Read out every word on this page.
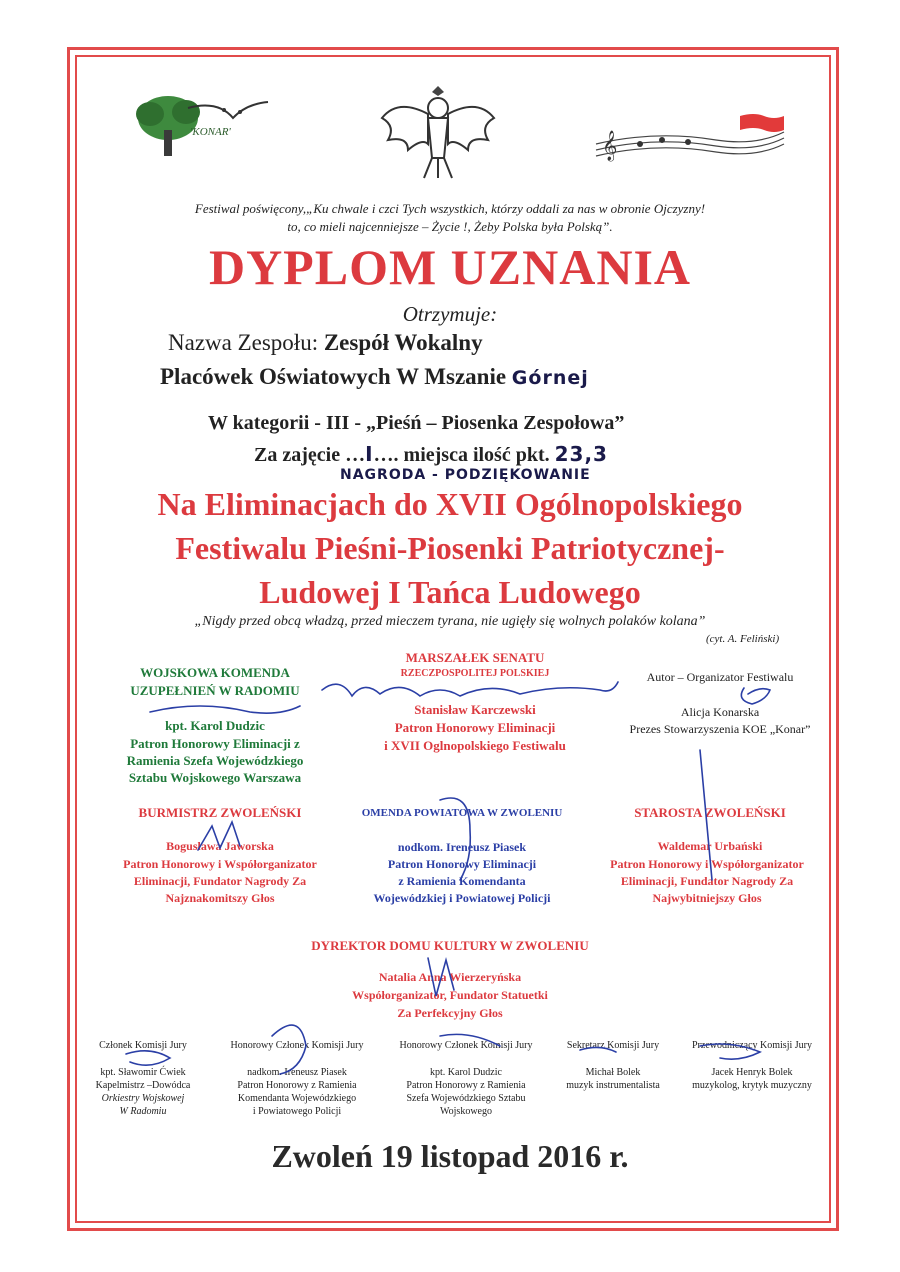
'KONAR'	𝄞
Festiwal poświęcony,„Ku chwale i czci Tych wszystkich, którzy oddali za nas w obronie Ojczyzny!
to, co mieli najcenniejsze – Życie !, Żeby Polska była Polską”.
DYPLOM UZNANIA
Otrzymuje:
Nazwa Zespołu: Zespół Wokalny
Placówek Oświatowych W Mszanie Górnej
W kategorii - III - „Pieśń – Piosenka Zespołowa”
Za zajęcie …I…. miejsca ilość pkt. 23,3
NAGRODA - PODZIĘKOWANIE
Na Eliminacjach do XVII Ogólnopolskiego
Festiwalu Pieśni-Piosenki Patriotycznej-
Ludowej I Tańca Ludowego
„Nigdy przed obcą władzą, przed mieczem tyrana, nie ugięły się wolnych polaków kolana”
(cyt. A. Feliński)
WOJSKOWA KOMENDA
UZUPEŁNIEŃ W RADOMIU
kpt. Karol Dudzic
Patron Honorowy Eliminacji z
Ramienia Szefa Wojewódzkiego
Sztabu Wojskowego Warszawa
MARSZAŁEK SENATU
RZECZPOSPOLITEJ POLSKIEJ
Stanisław Karczewski
Patron Honorowy Eliminacji
i XVII Oglnopolskiego Festiwalu
Autor – Organizator Festiwalu
Alicja Konarska
Prezes Stowarzyszenia KOE „Konar”
BURMISTRZ ZWOLEŃSKI
Bogusława Jaworska
Patron Honorowy i Współorganizator
Eliminacji, Fundator Nagrody Za
Najznakomitszy Głos
OMENDA POWIATOWA W ZWOLENIU
nodkom. Ireneusz Piasek
Patron Honorowy Eliminacji
z Ramienia Komendanta
Wojewódzkiej i Powiatowej Policji
STAROSTA ZWOLEŃSKI
Waldemar Urbański
Patron Honorowy i Współorganizator
Eliminacji, Fundator Nagrody Za
Najwybitniejszy Głos
DYREKTOR DOMU KULTURY W ZWOLENIU
Natalia Anna Wierzeryńska
Współorganizator, Fundator Statuetki
Za Perfekcyjny Głos
Członek Komisji Jury
kpt. Sławomir Ćwiek
Kapelmistrz –Dowódca
Orkiestry Wojskowej
W Radomiu
Honorowy Członek Komisji Jury
nadkom. Ireneusz Piasek
Patron Honorowy z Ramienia
Komendanta Wojewódzkiego
i Powiatowego Policji
Honorowy Członek Komisji Jury
kpt. Karol Dudzic
Patron Honorowy z Ramienia
Szefa Wojewódzkiego Sztabu
Wojskowego
Sekretarz Komisji Jury
Michał Bolek
muzyk instrumentalista
Przewodniczący Komisji Jury
Jacek Henryk Bolek
muzykolog, krytyk muzyczny
Zwoleń 19 listopad 2016 r.
